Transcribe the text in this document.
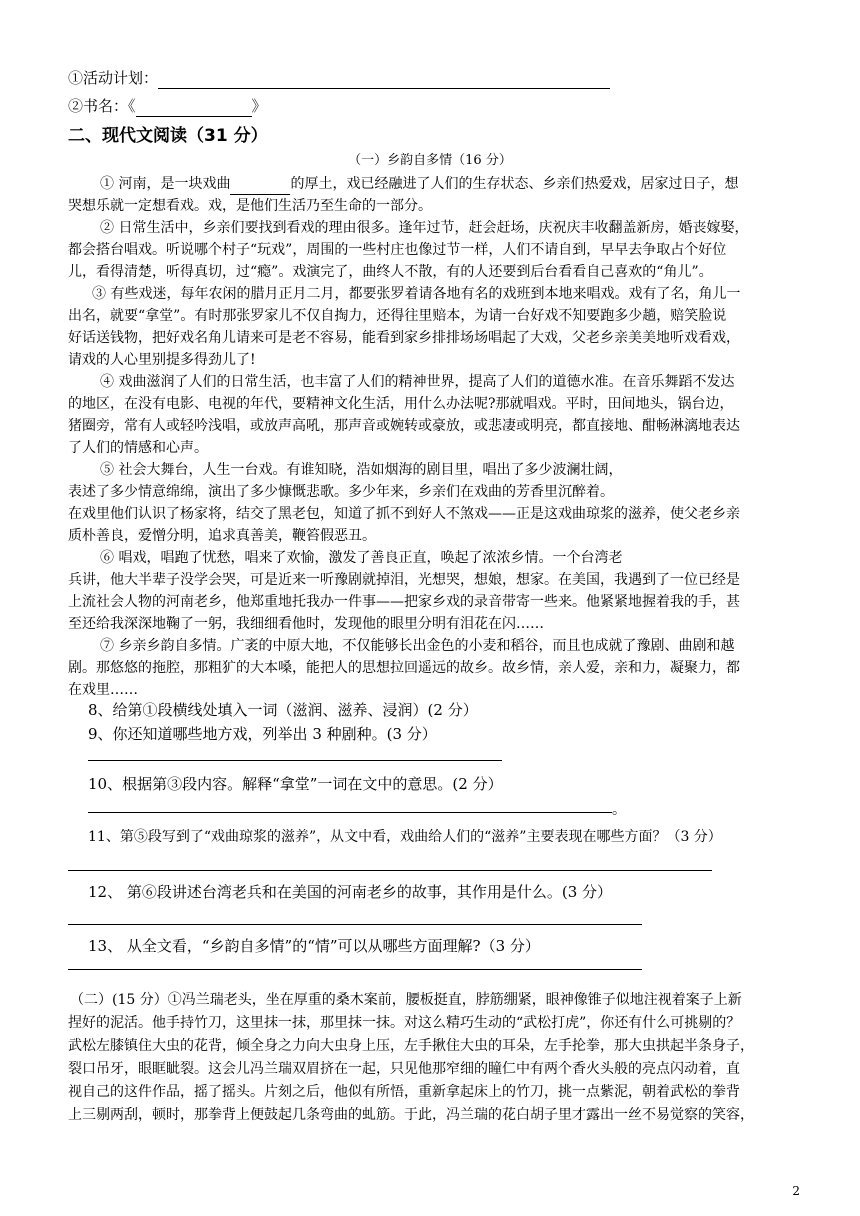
①活动计划：
②书名：《	》
二、现代文阅读（31 分）
（一）乡韵自多情（16 分）
① 河南，是一块戏曲	的厚土，戏已经融进了人们的生存状态、乡亲们热爱戏，居家过日子，想
哭想乐就一定想看戏。戏，是他们生活乃至生命的一部分。
② 日常生活中，乡亲们要找到看戏的理由很多。逢年过节，赶会赶场，庆祝庆丰收翻盖新房，婚丧嫁娶，
都会搭台唱戏。听说哪个村子“玩戏”，周围的一些村庄也像过节一样，人们不请自到，早早去争取占个好位
儿，看得清楚，听得真切，过“瘾”。戏演完了，曲终人不散，有的人还要到后台看看自己喜欢的“角儿”。
③ 有些戏迷，每年农闲的腊月正月二月，都要张罗着请各地有名的戏班到本地来唱戏。戏有了名，角儿一
出名，就要“拿堂”。有时那张罗家儿不仅自掏力，还得往里赔本，为请一台好戏不知要跑多少趟，赔笑脸说
好话送钱物，把好戏名角儿请来可是老不容易，能看到家乡排排场场唱起了大戏，父老乡亲美美地听戏看戏，
请戏的人心里别提多得劲儿了!
④ 戏曲滋润了人们的日常生活，也丰富了人们的精神世界，提高了人们的道德水准。在音乐舞蹈不发达
的地区，在没有电影、电视的年代，要精神文化生活，用什么办法呢?那就唱戏。平时，田间地头，锅台边，
猪圈旁，常有人或轻吟浅唱，或放声高吼，那声音或婉转或豪放，或悲凄或明亮，都直接地、酣畅淋漓地表达
了人们的情感和心声。
⑤ 社会大舞台，人生一台戏。有谁知晓，浩如烟海的剧目里，唱出了多少波澜壮阔，
表述了多少情意绵绵，演出了多少慷慨悲歌。多少年来，乡亲们在戏曲的芳香里沉醉着。
在戏里他们认识了杨家将，结交了黑老包，知道了抓不到好人不煞戏——正是这戏曲琼浆的滋养，使父老乡亲
质朴善良，爱憎分明，追求真善美，鞭笞假恶丑。
⑥ 唱戏，唱跑了忧愁，唱来了欢愉，激发了善良正直，唤起了浓浓乡情。一个台湾老
兵讲，他大半辈子没学会哭，可是近来一听豫剧就掉泪，光想哭，想娘，想家。在美国，我遇到了一位已经是
上流社会人物的河南老乡，他郑重地托我办一件事——把家乡戏的录音带寄一些来。他紧紧地握着我的手，甚
至还给我深深地鞠了一躬，我细细看他时，发现他的眼里分明有泪花在闪……
⑦ 乡亲乡韵自多情。广袤的中原大地，不仅能够长出金色的小麦和稻谷，而且也成就了豫剧、曲剧和越
剧。那悠悠的拖腔，那粗犷的大本嗓，能把人的思想拉回遥远的故乡。故乡情，亲人爱，亲和力，凝聚力，都
在戏里……
8、给第①段横线处填入一词（滋润、滋养、浸润）(2 分）
9、你还知道哪些地方戏，列举出 3 种剧种。(3 分）
10、根据第③段内容。解释“拿堂”一词在文中的意思。(2 分）
。
11、第⑤段写到了“戏曲琼浆的滋养”，从文中看，戏曲给人们的“滋养”主要表现在哪些方面？（3 分）
12、 第⑥段讲述台湾老兵和在美国的河南老乡的故事，其作用是什么。(3 分）
13、 从全文看，“乡韵自多情”的“情”可以从哪些方面理解?（3 分）
（二）(15 分）①冯兰瑞老头，坐在厚重的桑木案前，腰板挺直，脖筋绷紧，眼神像锥子似地注视着案子上新
捏好的泥活。他手持竹刀，这里抹一抹，那里抹一抹。对这么精巧生动的“武松打虎”，你还有什么可挑剔的？
武松左膝镇住大虫的花背，倾全身之力向大虫身上压，左手揪住大虫的耳朵，左手抡拳，那大虫拱起半条身子，
裂口吊牙，眼眶眦裂。这会儿冯兰瑞双眉挤在一起，只见他那窄细的瞳仁中有两个香火头般的亮点闪动着，直
视自己的这件作品，摇了摇头。片刻之后，他似有所悟，重新拿起床上的竹刀，挑一点紫泥，朝着武松的拳背
上三剔两刮，顿时，那拳背上便鼓起几条弯曲的虬筋。于此，冯兰瑞的花白胡子里才露出一丝不易觉察的笑容，
2
